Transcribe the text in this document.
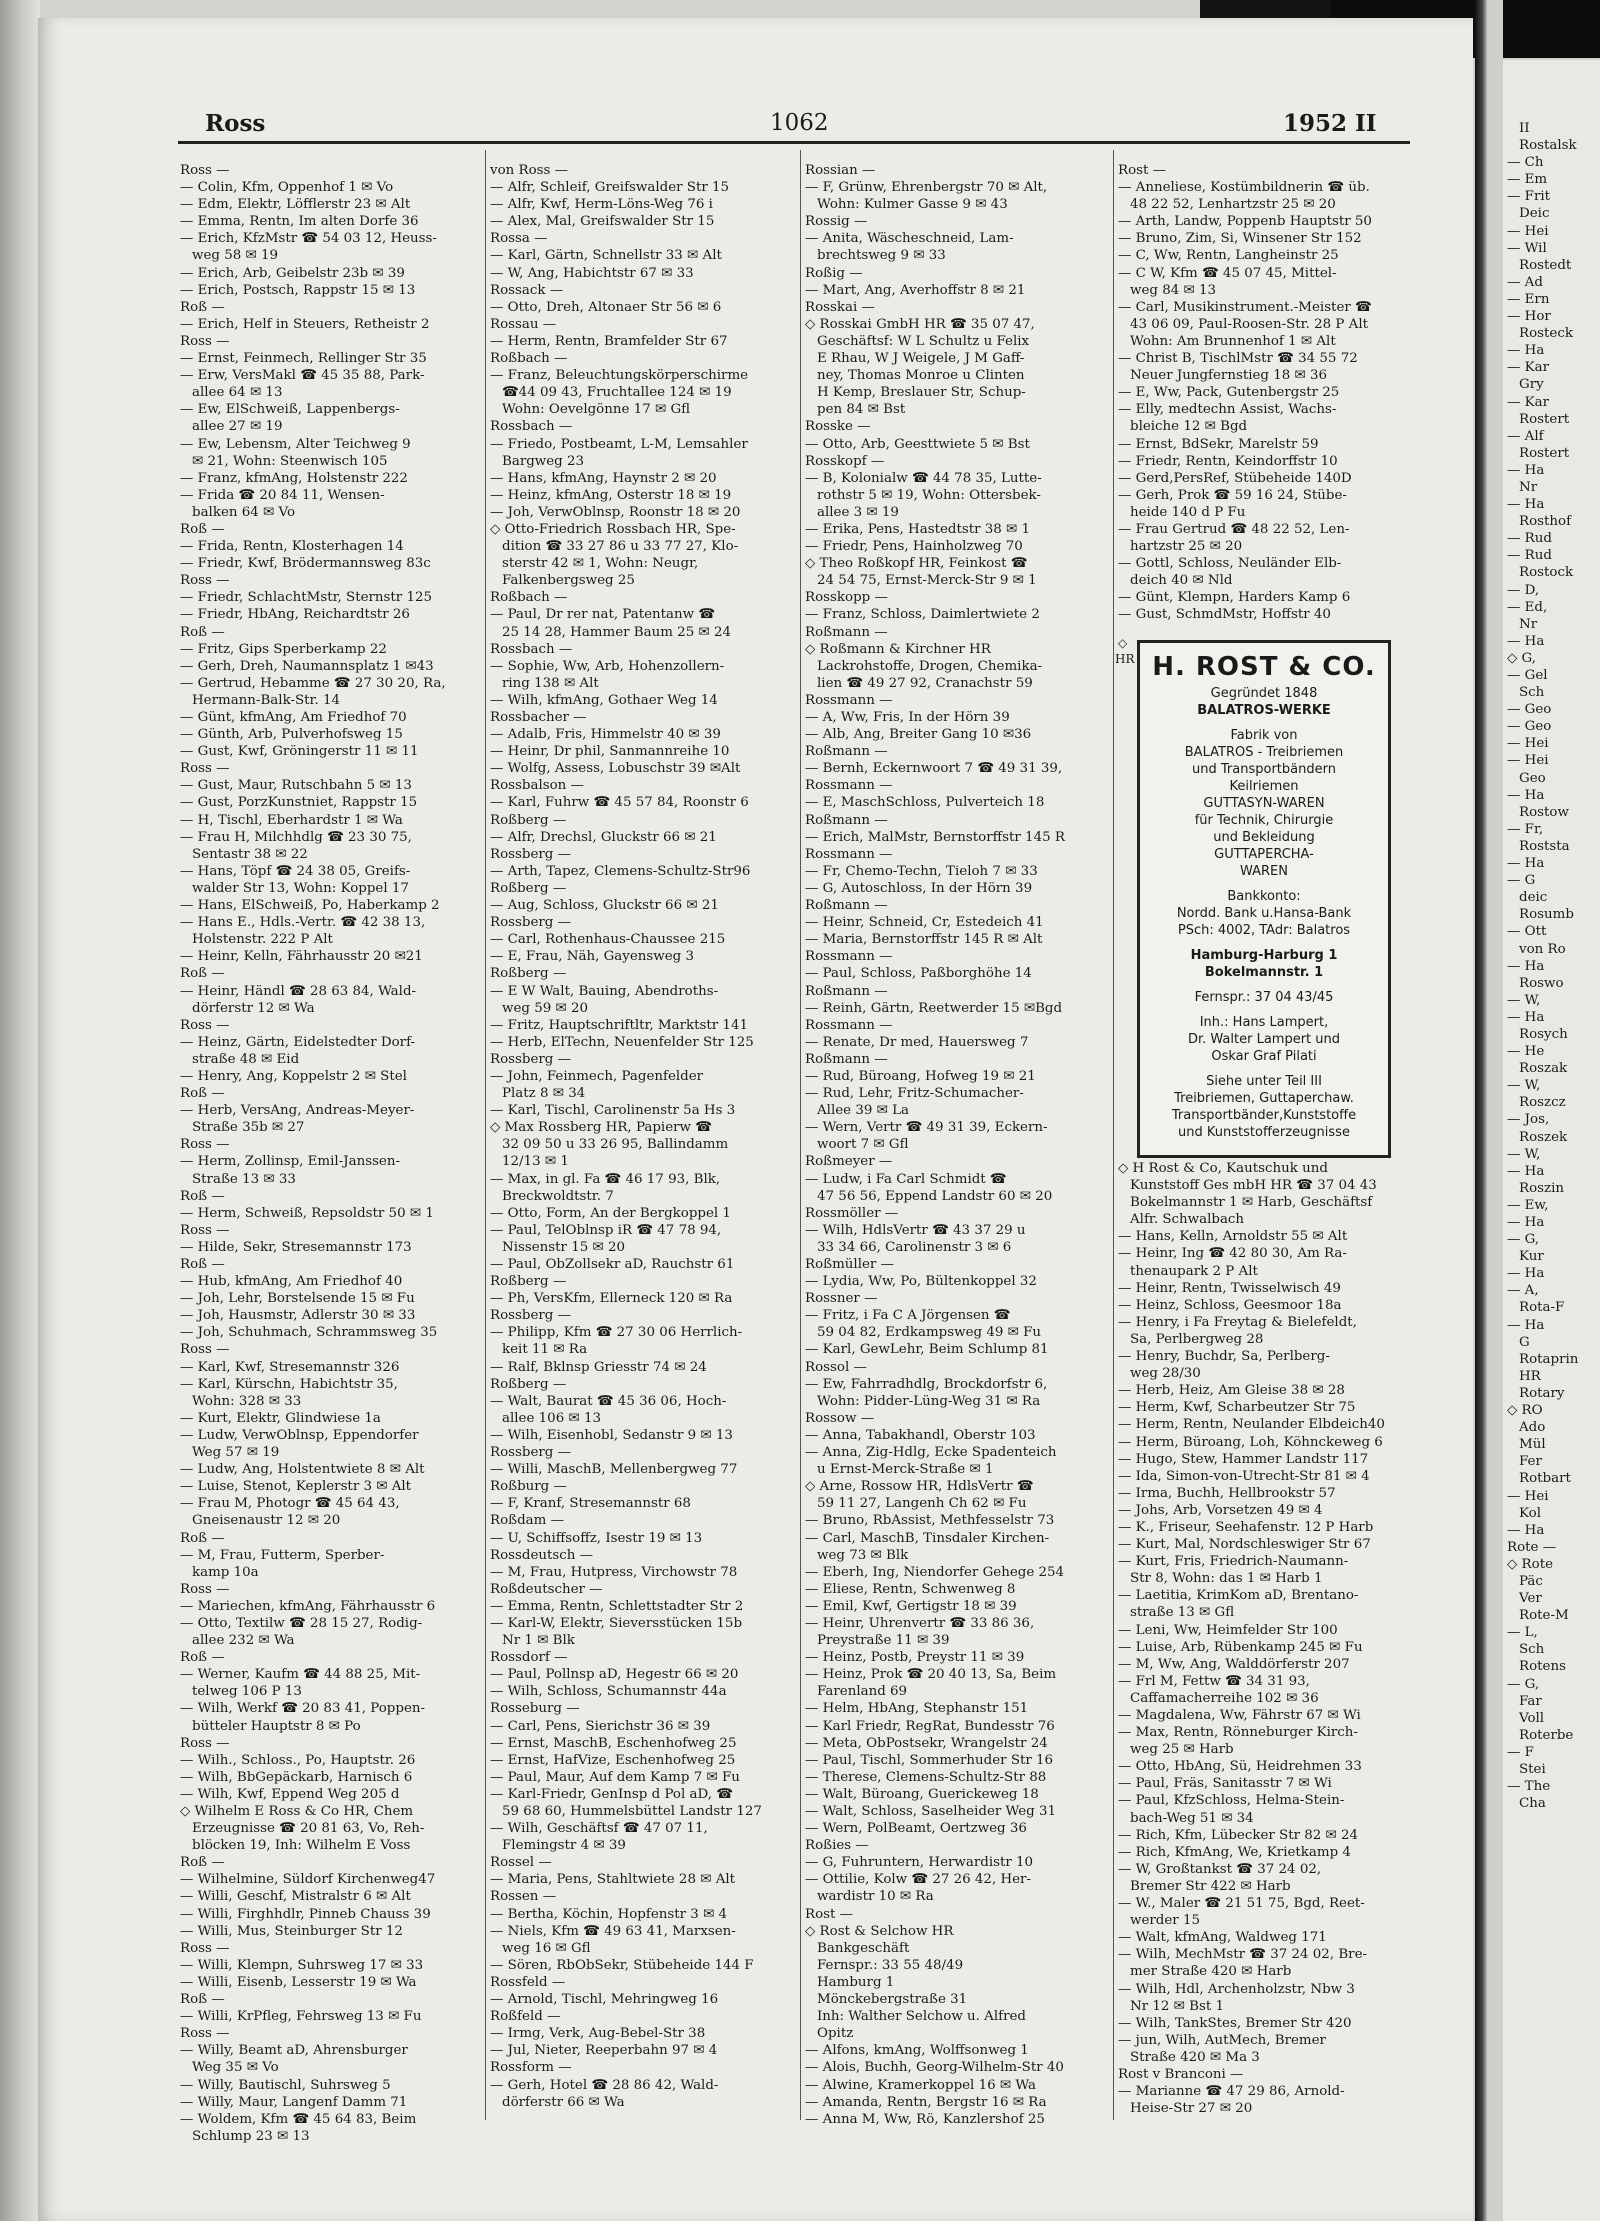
Ross	1062	1952 II
Ross —
— Colin, Kfm, Oppenhof 1 ✉ Vo
— Edm, Elektr, Löfflerstr 23 ✉ Alt
— Emma, Rentn, Im alten Dorfe 36
— Erich, KfzMstr ☎ 54 03 12, Heuss-
weg 58 ✉ 19
— Erich, Arb, Geibelstr 23b ✉ 39
— Erich, Postsch, Rappstr 15 ✉ 13
Roß —
— Erich, Helf in Steuers, Retheistr 2
Ross —
— Ernst, Feinmech, Rellinger Str 35
— Erw, VersMakl ☎ 45 35 88, Park-
allee 64 ✉ 13
— Ew, ElSchweiß, Lappenbergs-
allee 27 ✉ 19
— Ew, Lebensm, Alter Teichweg 9
✉ 21, Wohn: Steenwisch 105
— Franz, kfmAng, Holstenstr 222
— Frida ☎ 20 84 11, Wensen-
balken 64 ✉ Vo
Roß —
— Frida, Rentn, Klosterhagen 14
— Friedr, Kwf, Brödermannsweg 83c
Ross —
— Friedr, SchlachtMstr, Sternstr 125
— Friedr, HbAng, Reichardtstr 26
Roß —
— Fritz, Gips Sperberkamp 22
— Gerh, Dreh, Naumannsplatz 1 ✉43
— Gertrud, Hebamme ☎ 27 30 20, Ra,
Hermann-Balk-Str. 14
— Günt, kfmAng, Am Friedhof 70
— Günth, Arb, Pulverhofsweg 15
— Gust, Kwf, Gröningerstr 11 ✉ 11
Ross —
— Gust, Maur, Rutschbahn 5 ✉ 13
— Gust, PorzKunstniet, Rappstr 15
— H, Tischl, Eberhardstr 1 ✉ Wa
— Frau H, Milchhdlg ☎ 23 30 75,
Sentastr 38 ✉ 22
— Hans, Töpf ☎ 24 38 05, Greifs-
walder Str 13, Wohn: Koppel 17
— Hans, ElSchweiß, Po, Haberkamp 2
— Hans E., Hdls.-Vertr. ☎ 42 38 13,
Holstenstr. 222 P Alt
— Heinr, Kelln, Fährhausstr 20 ✉21
Roß —
— Heinr, Händl ☎ 28 63 84, Wald-
dörferstr 12 ✉ Wa
Ross —
— Heinz, Gärtn, Eidelstedter Dorf-
straße 48 ✉ Eid
— Henry, Ang, Koppelstr 2 ✉ Stel
Roß —
— Herb, VersAng, Andreas-Meyer-
Straße 35b ✉ 27
Ross —
— Herm, Zollinsp, Emil-Janssen-
Straße 13 ✉ 33
Roß —
— Herm, Schweiß, Repsoldstr 50 ✉ 1
Ross —
— Hilde, Sekr, Stresemannstr 173
Roß —
— Hub, kfmAng, Am Friedhof 40
— Joh, Lehr, Borstelsende 15 ✉ Fu
— Joh, Hausmstr, Adlerstr 30 ✉ 33
— Joh, Schuhmach, Schrammsweg 35
Ross —
— Karl, Kwf, Stresemannstr 326
— Karl, Kürschn, Habichtstr 35,
Wohn: 328 ✉ 33
— Kurt, Elektr, Glindwiese 1a
— Ludw, VerwOblnsp, Eppendorfer
Weg 57 ✉ 19
— Ludw, Ang, Holstentwiete 8 ✉ Alt
— Luise, Stenot, Keplerstr 3 ✉ Alt
— Frau M, Photogr ☎ 45 64 43,
Gneisenaustr 12 ✉ 20
Roß —
— M, Frau, Futterm, Sperber-
kamp 10a
Ross —
— Mariechen, kfmAng, Fährhausstr 6
— Otto, Textilw ☎ 28 15 27, Rodig-
allee 232 ✉ Wa
Roß —
— Werner, Kaufm ☎ 44 88 25, Mit-
telweg 106 P 13
— Wilh, Werkf ☎ 20 83 41, Poppen-
bütteler Hauptstr 8 ✉ Po
Ross —
— Wilh., Schloss., Po, Hauptstr. 26
— Wilh, BbGepäckarb, Harnisch 6
— Wilh, Kwf, Eppend Weg 205 d
◇ Wilhelm E Ross & Co HR, Chem
Erzeugnisse ☎ 20 81 63, Vo, Reh-
blöcken 19, Inh: Wilhelm E Voss
Roß —
— Wilhelmine, Süldorf Kirchenweg47
— Willi, Geschf, Mistralstr 6 ✉ Alt
— Willi, Firghhdlr, Pinneb Chauss 39
— Willi, Mus, Steinburger Str 12
Ross —
— Willi, Klempn, Suhrsweg 17 ✉ 33
— Willi, Eisenb, Lesserstr 19 ✉ Wa
Roß —
— Willi, KrPfleg, Fehrsweg 13 ✉ Fu
Ross —
— Willy, Beamt aD, Ahrensburger
Weg 35 ✉ Vo
— Willy, Bautischl, Suhrsweg 5
— Willy, Maur, Langenf Damm 71
— Woldem, Kfm ☎ 45 64 83, Beim
Schlump 23 ✉ 13
von Ross —
— Alfr, Schleif, Greifswalder Str 15
— Alfr, Kwf, Herm-Löns-Weg 76 i
— Alex, Mal, Greifswalder Str 15
Rossa —
— Karl, Gärtn, Schnellstr 33 ✉ Alt
— W, Ang, Habichtstr 67 ✉ 33
Rossack —
— Otto, Dreh, Altonaer Str 56 ✉ 6
Rossau —
— Herm, Rentn, Bramfelder Str 67
Roßbach —
— Franz, Beleuchtungskörperschirme
☎44 09 43, Fruchtallee 124 ✉ 19
Wohn: Oevelgönne 17 ✉ Gfl
Rossbach —
— Friedo, Postbeamt, L-M, Lemsahler
Bargweg 23
— Hans, kfmAng, Haynstr 2 ✉ 20
— Heinz, kfmAng, Osterstr 18 ✉ 19
— Joh, VerwOblnsp, Roonstr 18 ✉ 20
◇ Otto-Friedrich Rossbach HR, Spe-
dition ☎ 33 27 86 u 33 77 27, Klo-
sterstr 42 ✉ 1, Wohn: Neugr,
Falkenbergsweg 25
Roßbach —
— Paul, Dr rer nat, Patentanw ☎
25 14 28, Hammer Baum 25 ✉ 24
Rossbach —
— Sophie, Ww, Arb, Hohenzollern-
ring 138 ✉ Alt
— Wilh, kfmAng, Gothaer Weg 14
Rossbacher —
— Adalb, Fris, Himmelstr 40 ✉ 39
— Heinr, Dr phil, Sanmannreihe 10
— Wolfg, Assess, Lobuschstr 39 ✉Alt
Rossbalson —
— Karl, Fuhrw ☎ 45 57 84, Roonstr 6
Roßberg —
— Alfr, Drechsl, Gluckstr 66 ✉ 21
Rossberg —
— Arth, Tapez, Clemens-Schultz-Str96
Roßberg —
— Aug, Schloss, Gluckstr 66 ✉ 21
Rossberg —
— Carl, Rothenhaus-Chaussee 215
— E, Frau, Näh, Gayensweg 3
Roßberg —
— E W Walt, Bauing, Abendroths-
weg 59 ✉ 20
— Fritz, Hauptschriftltr, Marktstr 141
— Herb, ElTechn, Neuenfelder Str 125
Rossberg —
— John, Feinmech, Pagenfelder
Platz 8 ✉ 34
— Karl, Tischl, Carolinenstr 5a Hs 3
◇ Max Rossberg HR, Papierw ☎
32 09 50 u 33 26 95, Ballindamm
12/13 ✉ 1
— Max, in gl. Fa ☎ 46 17 93, Blk,
Breckwoldtstr. 7
— Otto, Form, An der Bergkoppel 1
— Paul, TelOblnsp iR ☎ 47 78 94,
Nissenstr 15 ✉ 20
— Paul, ObZollsekr aD, Rauchstr 61
Roßberg —
— Ph, VersKfm, Ellerneck 120 ✉ Ra
Rossberg —
— Philipp, Kfm ☎ 27 30 06 Herrlich-
keit 11 ✉ Ra
— Ralf, Bklnsp Griesstr 74 ✉ 24
Roßberg —
— Walt, Baurat ☎ 45 36 06, Hoch-
allee 106 ✉ 13
— Wilh, Eisenhobl, Sedanstr 9 ✉ 13
Rossberg —
— Willi, MaschB, Mellenbergweg 77
Roßburg —
— F, Kranf, Stresemannstr 68
Roßdam —
— U, Schiffsoffz, Isestr 19 ✉ 13
Rossdeutsch —
— M, Frau, Hutpress, Virchowstr 78
Roßdeutscher —
— Emma, Rentn, Schlettstadter Str 2
— Karl-W, Elektr, Sieversstücken 15b
Nr 1 ✉ Blk
Rossdorf —
— Paul, Pollnsp aD, Hegestr 66 ✉ 20
— Wilh, Schloss, Schumannstr 44a
Rosseburg —
— Carl, Pens, Sierichstr 36 ✉ 39
— Ernst, MaschB, Eschenhofweg 25
— Ernst, HafVize, Eschenhofweg 25
— Paul, Maur, Auf dem Kamp 7 ✉ Fu
— Karl-Friedr, GenInsp d Pol aD, ☎
59 68 60, Hummelsbüttel Landstr 127
— Wilh, Geschäftsf ☎ 47 07 11,
Flemingstr 4 ✉ 39
Rossel —
— Maria, Pens, Stahltwiete 28 ✉ Alt
Rossen —
— Bertha, Köchin, Hopfenstr 3 ✉ 4
— Niels, Kfm ☎ 49 63 41, Marxsen-
weg 16 ✉ Gfl
— Sören, RbObSekr, Stübeheide 144 F
Rossfeld —
— Arnold, Tischl, Mehringweg 16
Roßfeld —
— Irmg, Verk, Aug-Bebel-Str 38
— Jul, Nieter, Reeperbahn 97 ✉ 4
Rossform —
— Gerh, Hotel ☎ 28 86 42, Wald-
dörferstr 66 ✉ Wa
Rossian —
— F, Grünw, Ehrenbergstr 70 ✉ Alt,
Wohn: Kulmer Gasse 9 ✉ 43
Rossig —
— Anita, Wäscheschneid, Lam-
brechtsweg 9 ✉ 33
Roßig —
— Mart, Ang, Averhoffstr 8 ✉ 21
Rosskai —
◇ Rosskai GmbH HR ☎ 35 07 47,
Geschäftsf: W L Schultz u Felix
E Rhau, W J Weigele, J M Gaff-
ney, Thomas Monroe u Clinten
H Kemp, Breslauer Str, Schup-
pen 84 ✉ Bst
Rosske —
— Otto, Arb, Geesttwiete 5 ✉ Bst
Rosskopf —
— B, Kolonialw ☎ 44 78 35, Lutte-
rothstr 5 ✉ 19, Wohn: Ottersbek-
allee 3 ✉ 19
— Erika, Pens, Hastedtstr 38 ✉ 1
— Friedr, Pens, Hainholzweg 70
◇ Theo Roßkopf HR, Feinkost ☎
24 54 75, Ernst-Merck-Str 9 ✉ 1
Rosskopp —
— Franz, Schloss, Daimlertwiete 2
Roßmann —
◇ Roßmann & Kirchner HR
Lackrohstoffe, Drogen, Chemika-
lien ☎ 49 27 92, Cranachstr 59
Rossmann —
— A, Ww, Fris, In der Hörn 39
— Alb, Ang, Breiter Gang 10 ✉36
Roßmann —
— Bernh, Eckernwoort 7 ☎ 49 31 39,
Rossmann —
— E, MaschSchloss, Pulverteich 18
Roßmann —
— Erich, MalMstr, Bernstorffstr 145 R
Rossmann —
— Fr, Chemo-Techn, Tieloh 7 ✉ 33
— G, Autoschloss, In der Hörn 39
Roßmann —
— Heinr, Schneid, Cr, Estedeich 41
— Maria, Bernstorffstr 145 R ✉ Alt
Rossmann —
— Paul, Schloss, Paßborghöhe 14
Roßmann —
— Reinh, Gärtn, Reetwerder 15 ✉Bgd
Rossmann —
— Renate, Dr med, Hauersweg 7
Roßmann —
— Rud, Büroang, Hofweg 19 ✉ 21
— Rud, Lehr, Fritz-Schumacher-
Allee 39 ✉ La
— Wern, Vertr ☎ 49 31 39, Eckern-
woort 7 ✉ Gfl
Roßmeyer —
— Ludw, i Fa Carl Schmidt ☎
47 56 56, Eppend Landstr 60 ✉ 20
Rossmöller —
— Wilh, HdlsVertr ☎ 43 37 29 u
33 34 66, Carolinenstr 3 ✉ 6
Roßmüller —
— Lydia, Ww, Po, Bültenkoppel 32
Rossner —
— Fritz, i Fa C A Jörgensen ☎
59 04 82, Erdkampsweg 49 ✉ Fu
— Karl, GewLehr, Beim Schlump 81
Rossol —
— Ew, Fahrradhdlg, Brockdorfstr 6,
Wohn: Pidder-Lüng-Weg 31 ✉ Ra
Rossow —
— Anna, Tabakhandl, Oberstr 103
— Anna, Zig-Hdlg, Ecke Spadenteich
u Ernst-Merck-Straße ✉ 1
◇ Arne, Rossow HR, HdlsVertr ☎
59 11 27, Langenh Ch 62 ✉ Fu
— Bruno, RbAssist, Methfesselstr 73
— Carl, MaschB, Tinsdaler Kirchen-
weg 73 ✉ Blk
— Eberh, Ing, Niendorfer Gehege 254
— Eliese, Rentn, Schwenweg 8
— Emil, Kwf, Gertigstr 18 ✉ 39
— Heinr, Uhrenvertr ☎ 33 86 36,
Preystraße 11 ✉ 39
— Heinz, Postb, Preystr 11 ✉ 39
— Heinz, Prok ☎ 20 40 13, Sa, Beim
Farenland 69
— Helm, HbAng, Stephanstr 151
— Karl Friedr, RegRat, Bundesstr 76
— Meta, ObPostsekr, Wrangelstr 24
— Paul, Tischl, Sommerhuder Str 16
— Therese, Clemens-Schultz-Str 88
— Walt, Büroang, Guerickeweg 18
— Walt, Schloss, Saselheider Weg 31
— Wern, PolBeamt, Oertzweg 36
Roßies —
— G, Fuhruntern, Herwardistr 10
— Ottilie, Kolw ☎ 27 26 42, Her-
wardistr 10 ✉ Ra
Rost —
◇ Rost & Selchow HR
Bankgeschäft
Fernspr.: 33 55 48/49
Hamburg 1
Mönckebergstraße 31
Inh: Walther Selchow u. Alfred
Opitz
— Alfons, kmAng, Wolffsonweg 1
— Alois, Buchh, Georg-Wilhelm-Str 40
— Alwine, Kramerkoppel 16 ✉ Wa
— Amanda, Rentn, Bergstr 16 ✉ Ra
— Anna M, Ww, Rö, Kanzlershof 25
Rost —
— Anneliese, Kostümbildnerin ☎ üb.
48 22 52, Lenhartzstr 25 ✉ 20
— Arth, Landw, Poppenb Hauptstr 50
— Bruno, Zim, Si, Winsener Str 152
— C, Ww, Rentn, Langheinstr 25
— C W, Kfm ☎ 45 07 45, Mittel-
weg 84 ✉ 13
— Carl, Musikinstrument.-Meister ☎
43 06 09, Paul-Roosen-Str. 28 P Alt
Wohn: Am Brunnenhof 1 ✉ Alt
— Christ B, TischlMstr ☎ 34 55 72
Neuer Jungfernstieg 18 ✉ 36
— E, Ww, Pack, Gutenbergstr 25
— Elly, medtechn Assist, Wachs-
bleiche 12 ✉ Bgd
— Ernst, BdSekr, Marelstr 59
— Friedr, Rentn, Keindorffstr 10
— Gerd,PersRef, Stübeheide 140D
— Gerh, Prok ☎ 59 16 24, Stübe-
heide 140 d P Fu
— Frau Gertrud ☎ 48 22 52, Len-
hartzstr 25 ✉ 20
— Gottl, Schloss, Neuländer Elb-
deich 40 ✉ Nld
— Günt, Klempn, Harders Kamp 6
— Gust, SchmdMstr, Hoffstr 40
◇ H Rost & Co, Kautschuk und
Kunststoff Ges mbH HR ☎ 37 04 43
Bokelmannstr 1 ✉ Harb, Geschäftsf
Alfr. Schwalbach
— Hans, Kelln, Arnoldstr 55 ✉ Alt
— Heinr, Ing ☎ 42 80 30, Am Ra-
thenaupark 2 P Alt
— Heinr, Rentn, Twisselwisch 49
— Heinz, Schloss, Geesmoor 18a
— Henry, i Fa Freytag & Bielefeldt,
Sa, Perlbergweg 28
— Henry, Buchdr, Sa, Perlberg-
weg 28/30
— Herb, Heiz, Am Gleise 38 ✉ 28
— Herm, Kwf, Scharbeutzer Str 75
— Herm, Rentn, Neulander Elbdeich40
— Herm, Büroang, Loh, Köhnckeweg 6
— Hugo, Stew, Hammer Landstr 117
— Ida, Simon-von-Utrecht-Str 81 ✉ 4
— Irma, Buchh, Hellbrookstr 57
— Johs, Arb, Vorsetzen 49 ✉ 4
— K., Friseur, Seehafenstr. 12 P Harb
— Kurt, Mal, Nordschleswiger Str 67
— Kurt, Fris, Friedrich-Naumann-
Str 8, Wohn: das 1 ✉ Harb 1
— Laetitia, KrimKom aD, Brentano-
straße 13 ✉ Gfl
— Leni, Ww, Heimfelder Str 100
— Luise, Arb, Rübenkamp 245 ✉ Fu
— M, Ww, Ang, Walddörferstr 207
— Frl M, Fettw ☎ 34 31 93,
Caffamacherreihe 102 ✉ 36
— Magdalena, Ww, Fährstr 67 ✉ Wi
— Max, Rentn, Rönneburger Kirch-
weg 25 ✉ Harb
— Otto, HbAng, Sü, Heidrehmen 33
— Paul, Fräs, Sanitasstr 7 ✉ Wi
— Paul, KfzSchloss, Helma-Stein-
bach-Weg 51 ✉ 34
— Rich, Kfm, Lübecker Str 82 ✉ 24
— Rich, KfmAng, We, Krietkamp 4
— W, Großtankst ☎ 37 24 02,
Bremer Str 422 ✉ Harb
— W., Maler ☎ 21 51 75, Bgd, Reet-
werder 15
— Walt, kfmAng, Waldweg 171
— Wilh, MechMstr ☎ 37 24 02, Bre-
mer Straße 420 ✉ Harb
— Wilh, Hdl, Archenholzstr, Nbw 3
Nr 12 ✉ Bst 1
— Wilh, TankStes, Bremer Str 420
— jun, Wilh, AutMech, Bremer
Straße 420 ✉ Ma 3
Rost v Branconi —
— Marianne ☎ 47 29 86, Arnold-
Heise-Str 27 ✉ 20
◇
HR H. ROST & CO.
Gegründet 1848
BALATROS-WERKE
Fabrik von
BALATROS - Treibriemen
und Transportbändern
Keilriemen
GUTTASYN-WAREN
für Technik, Chirurgie
und Bekleidung
GUTTAPERCHA-
WAREN
Bankkonto:
Nordd. Bank u.Hansa-Bank
PSch: 4002, TAdr: Balatros
Hamburg-Harburg 1
Bokelmannstr. 1
Fernspr.: 37 04 43/45
Inh.: Hans Lampert,
Dr. Walter Lampert und
Oskar Graf Pilati
Siehe unter Teil III
Treibriemen, Guttaperchaw.
Transportbänder,Kunststoffe
und Kunststofferzeugnisse
II
Rostalsk
— Ch
— Em
— Frit
Deic
— Hei
— Wil
Rostedt
— Ad
— Ern
— Hor
Rosteck
— Ha
— Kar
Gry
— Kar
Rostert
— Alf
Rostert
— Ha
Nr
— Ha
Rosthof
— Rud
— Rud
Rostock
— D,
— Ed,
Nr
— Ha
◇ G,
— Gel
Sch
— Geo
— Geo
— Hei
— Hei
Geo
— Ha
Rostow
— Fr,
Roststa
— Ha
— G
deic
Rosumb
— Ott
von Ro
— Ha
Roswo
— W,
— Ha
Rosych
— He
Roszak
— W,
Roszcz
— Jos,
Roszek
— W,
— Ha
Roszin
— Ew,
— Ha
— G,
Kur
— Ha
— A,
Rota-F
— Ha
G
Rotaprin
HR
Rotary
◇ RO
Ado
Mül
Fer
Rotbart
— Hei
Kol
— Ha
Rote —
◇ Rote
Päc
Ver
Rote-M
— L,
Sch
Rotens
— G,
Far
Voll
Roterbe
— F
Stei
— The
Cha
